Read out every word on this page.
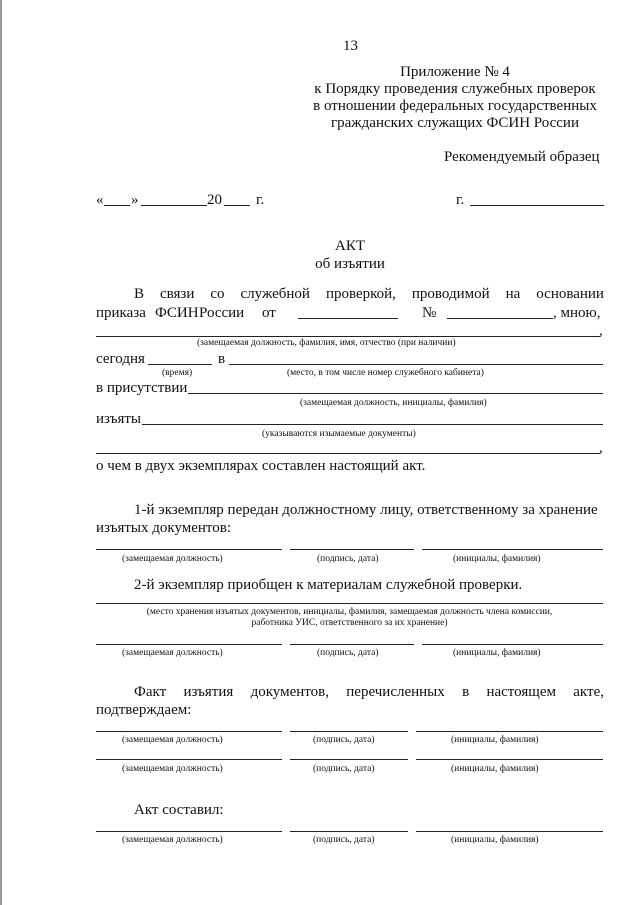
13
Приложение № 4
к Порядку проведения служебных проверок
в отношении федеральных государственных
гражданских служащих ФСИН России
Рекомендуемый образец
« »	20 г.	г.
АКТ
об изъятии
В связи со служебной проверкой, проводимой на основании
приказа ФСИН России от	№	, мною,
,
(замещаемая должность, фамилия, имя, отчество (при наличии)
сегодня	в
(время)	(место, в том числе номер служебного кабинета)
в присутствии
(замещаемая должность, инициалы, фамилия)
изъяты
(указываются изымаемые документы)
,
о чем в двух экземплярах составлен настоящий акт.
1-й экземпляр передан должностному лицу, ответственному за хранение
изъятых документов:
(замещаемая должность)	(подпись, дата)	(инициалы, фамилия)
2-й экземпляр приобщен к материалам служебной проверки.
(место хранения изъятых документов, инициалы, фамилия, замещаемая должность члена комиссии,
работника УИС, ответственного за их хранение)
(замещаемая должность)	(подпись, дата)	(инициалы, фамилия)
Факт изъятия документов, перечисленных в настоящем акте,
подтверждаем:
(замещаемая должность)	(подпись, дата)	(инициалы, фамилия)
(замещаемая должность)	(подпись, дата)	(инициалы, фамилия)
Акт составил:
(замещаемая должность)	(подпись, дата)	(инициалы, фамилия)
